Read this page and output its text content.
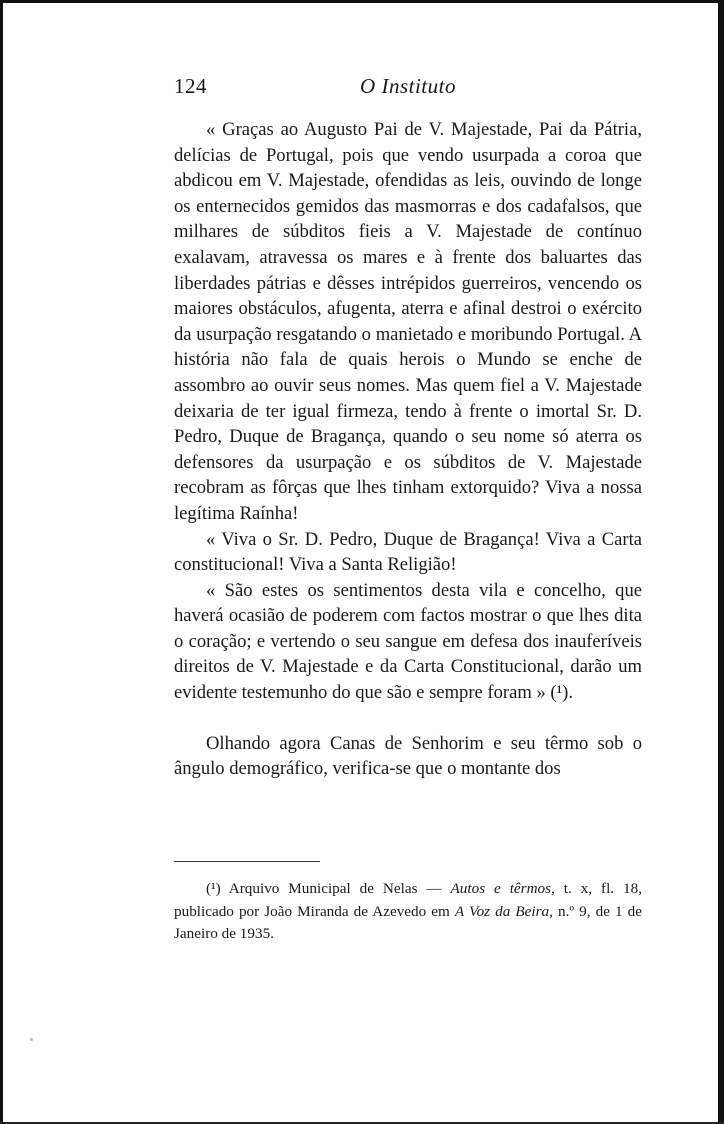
124	O Instituto

« Graças ao Augusto Pai de V. Majestade, Pai da Pátria, delícias de Portugal, pois que vendo usurpada a coroa que abdicou em V. Majestade, ofendidas as leis, ouvindo de longe os enternecidos gemidos das masmorras e dos cadafalsos, que milhares de súbditos fieis a V. Majestade de contínuo exalavam, atravessa os mares e à frente dos baluartes das liberdades pátrias e dêsses intrépidos guerreiros, vencendo os maiores obstáculos, afugenta, aterra e afinal destroi o exército da usurpação resgatando o manietado e moribundo Portugal. A história não fala de quais herois o Mundo se enche de assombro ao ouvir seus nomes. Mas quem fiel a V. Majestade deixaria de ter igual firmeza, tendo à frente o imortal Sr. D. Pedro, Duque de Bragança, quando o seu nome só aterra os defensores da usurpação e os súbditos de V. Majestade recobram as fôrças que lhes tinham extorquido? Viva a nossa legítima Raínha!

« Viva o Sr. D. Pedro, Duque de Bragança! Viva a Carta constitucional! Viva a Santa Religião!

« São estes os sentimentos desta vila e concelho, que haverá ocasião de poderem com factos mostrar o que lhes dita o coração; e vertendo o seu sangue em defesa dos inauferíveis direitos de V. Majestade e da Carta Constitucional, darão um evidente testemunho do que são e sempre foram » (¹).

Olhando agora Canas de Senhorim e seu têrmo sob o ângulo demográfico, verifica-se que o montante dos

(¹) Arquivo Municipal de Nelas — Autos e têrmos, t. x, fl. 18, publicado por João Miranda de Azevedo em A Voz da Beira, n.º 9, de 1 de Janeiro de 1935.
